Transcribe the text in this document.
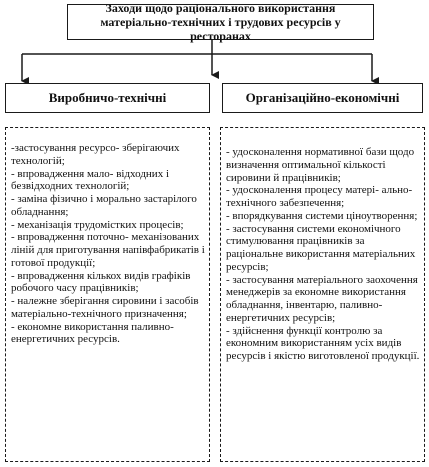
Заходи щодо раціонального використання
матеріально-технічних і трудових ресурсів у ресторанах
Виробничо-технічні	Організаційно-економічні
-застосування ресурсо- зберігаючих технологій;
- впровадження мало- відходних і безвідходних технологій;
- заміна фізично і морально застарілого обладнання;
- механізація трудомістких процесів;
- впровадження поточно- механізованих ліній для приготування напівфабрикатів і готової продукції;
- впровадження кількох видів графіків робочого часу працівників;
- належне зберігання сировини і засобів матеріально-технічного призначення;
- економне використання паливно- енергетичних ресурсів.
- удосконалення нормативної бази щодо визначення оптимальної кількості сировини й працівників;
- удосконалення процесу матері- ально-технічного забезпечення;
- впорядкування системи ціноутворення;
- застосування системи економічного стимулювання працівників за раціональне використання матеріальних ресурсів;
- застосування матеріального заохочення менеджерів за економне використання обладнання, інвентарю, паливно- енергетичних ресурсів;
- здійснення функції контролю за економним використанням усіх видів ресурсів і якістю виготовленої продукції.
